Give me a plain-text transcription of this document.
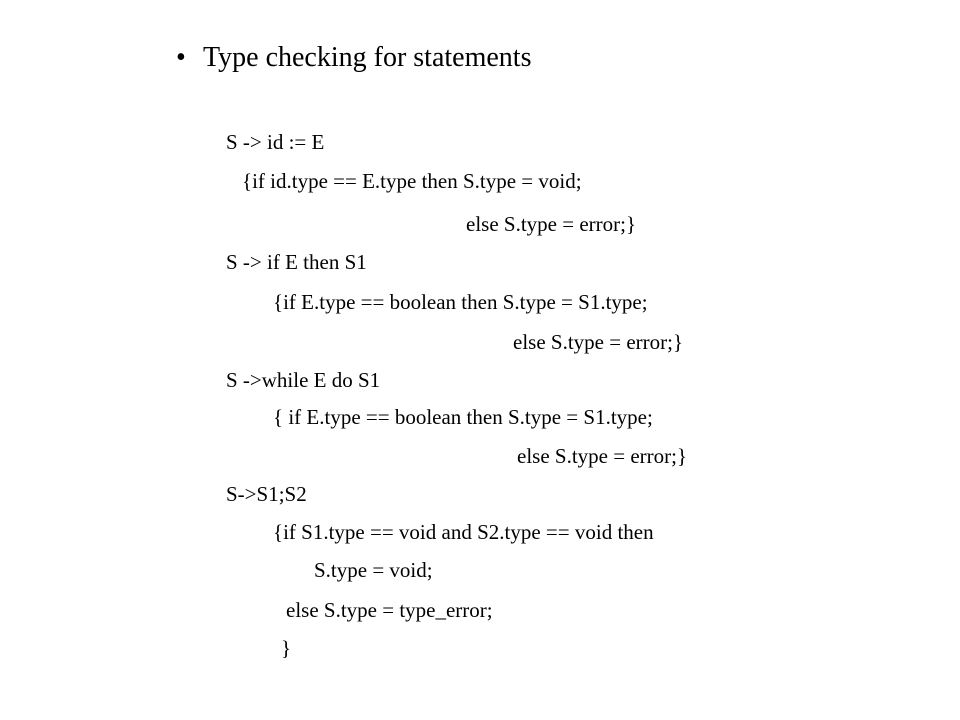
• Type checking for statements
S -> id := E
{if id.type == E.type then S.type = void;
else S.type = error;}
S -> if E then S1
{if E.type == boolean then S.type = S1.type;
else S.type = error;}
S ->while E do S1
{ if E.type == boolean then S.type = S1.type;
else S.type = error;}
S->S1;S2
{if S1.type == void and S2.type == void then
S.type = void;
else S.type = type_error;
}
